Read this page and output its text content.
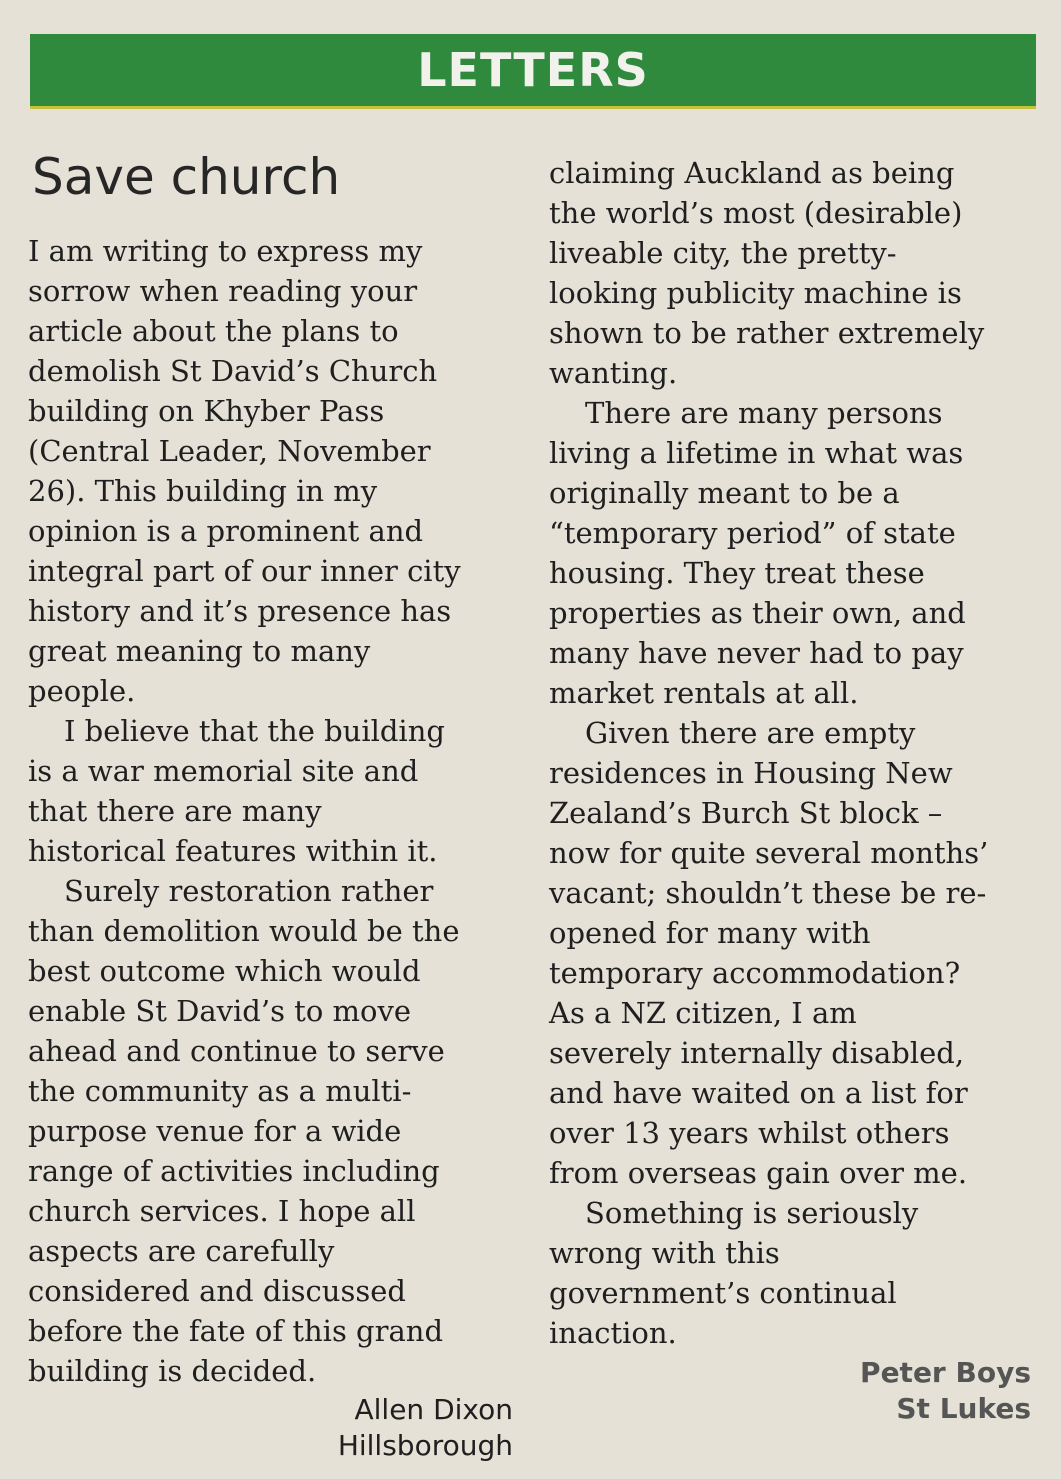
LETTERS
Save church
I am writing to express my
sorrow when reading your
article about the plans to
demolish St David’s Church
building on Khyber Pass
(Central Leader, November
26). This building in my
opinion is a prominent and
integral part of our inner city
history and it’s presence has
great meaning to many
people.
I believe that the building
is a war memorial site and
that there are many
historical features within it.
Surely restoration rather
than demolition would be the
best outcome which would
enable St David’s to move
ahead and continue to serve
the community as a multi-
purpose venue for a wide
range of activities including
church services. I hope all
aspects are carefully
considered and discussed
before the fate of this grand
building is decided.
claiming Auckland as being
the world’s most (desirable)
liveable city, the pretty-
looking publicity machine is
shown to be rather extremely
wanting.
There are many persons
living a lifetime in what was
originally meant to be a
“temporary period” of state
housing. They treat these
properties as their own, and
many have never had to pay
market rentals at all.
Given there are empty
residences in Housing New
Zealand’s Burch St block –
now for quite several months’
vacant; shouldn’t these be re-
opened for many with
temporary accommodation?
As a NZ citizen, I am
severely internally disabled,
and have waited on a list for
over 13 years whilst others
from overseas gain over me.
Something is seriously
wrong with this
government’s continual
inaction.
Allen Dixon
Hillsborough
Peter Boys
St Lukes
